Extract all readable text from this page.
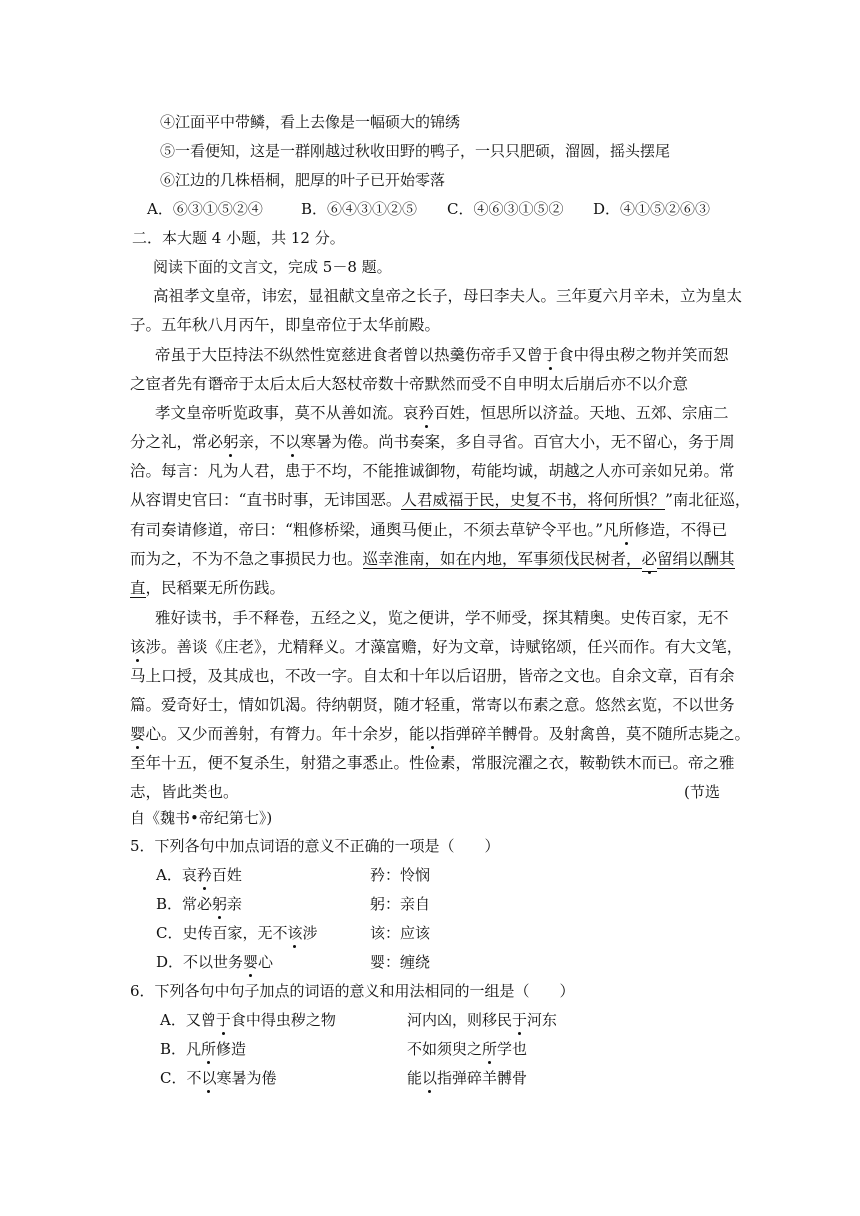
④江面平中带鳞，看上去像是一幅硕大的锦绣
⑤一看便知，这是一群刚越过秋收田野的鸭子，一只只肥硕，溜圆，摇头摆尾
⑥江边的几株梧桐，肥厚的叶子已开始零落
A．⑥③①⑤②④	B．⑥④③①②⑤ C．④⑥③①⑤② D．④①⑤②⑥③
二．本大题 4 小题，共 12 分。
阅读下面的文言文，完成 5－8 题。
高祖孝文皇帝，讳宏，显祖献文皇帝之长子，母曰李夫人。三年夏六月辛未，立为皇太
子。五年秋八月丙午，即皇帝位于太华前殿。
帝虽于大臣持法不纵然性宽慈进食者曾以热羹伤帝手又曾于食中得虫秽之物并笑而恕
之宦者先有谮帝于太后太后大怒杖帝数十帝默然而受不自申明太后崩后亦不以介意
孝文皇帝听览政事，莫不从善如流。哀矜百姓，恒思所以济益。天地、五郊、宗庙二
分之礼，常必躬亲，不以寒暑为倦。尚书奏案，多自寻省。百官大小，无不留心，务于周
洽。每言：凡为人君，患于不均，不能推诚御物，苟能均诚，胡越之人亦可亲如兄弟。常
从容谓史官曰：“直书时事，无讳国恶。人君威福于民，史复不书，将何所惧？”南北征巡，
有司奏请修道，帝曰：“粗修桥梁，通舆马便止，不须去草铲令平也。”凡所修造，不得已
而为之，不为不急之事损民力也。巡幸淮南，如在内地，军事须伐民树者，必留绢以酬其
直，民稻粟无所伤践。
雅好读书，手不释卷，五经之义，览之便讲，学不师受，探其精奥。史传百家，无不
该涉。善谈《庄老》，尤精释义。才藻富赡，好为文章，诗赋铭颂，任兴而作。有大文笔，
马上口授，及其成也，不改一字。自太和十年以后诏册，皆帝之文也。自余文章，百有余
篇。爱奇好士，情如饥渴。待纳朝贤，随才轻重，常寄以布素之意。悠然玄览，不以世务
婴心。又少而善射，有膂力。年十余岁，能以指弹碎羊髆骨。及射禽兽，莫不随所志毙之。
至年十五，便不复杀生，射猎之事悉止。性俭素，常服浣濯之衣，鞍勒铁木而已。帝之雅
志，皆此类也。	(节选
自《魏书•帝纪第七》)
5．下列各句中加点词语的意义不正确的一项是（　　）
A．哀矜百姓	矜：怜悯
B．常必躬亲	躬：亲自
C．史传百家，无不该涉	该：应该
D．不以世务婴心	婴：缠绕
6．下列各句中句子加点的词语的意义和用法相同的一组是（　　）
A．又曾于食中得虫秽之物	河内凶，则移民于河东
B．凡所修造	不如须臾之所学也
C．不以寒暑为倦	能以指弹碎羊髆骨
